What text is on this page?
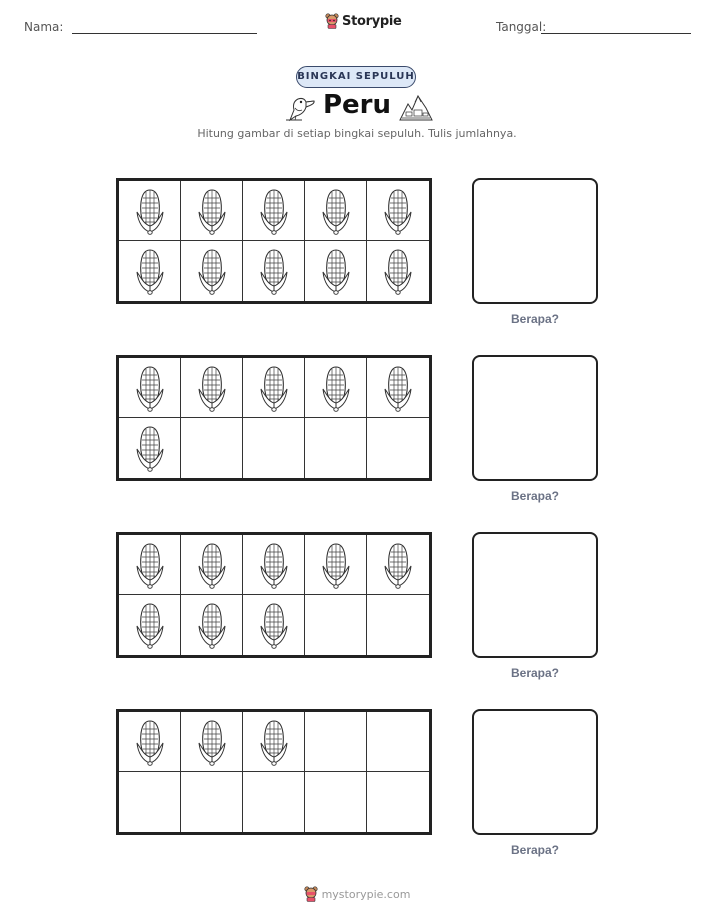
Nama:	Storypie	Tanggal:
BINGKAI SEPULUH
Peru
Hitung gambar di setiap bingkai sepuluh. Tulis jumlahnya.
Berapa?
Berapa?
Berapa?
Berapa?
mystorypie.com
